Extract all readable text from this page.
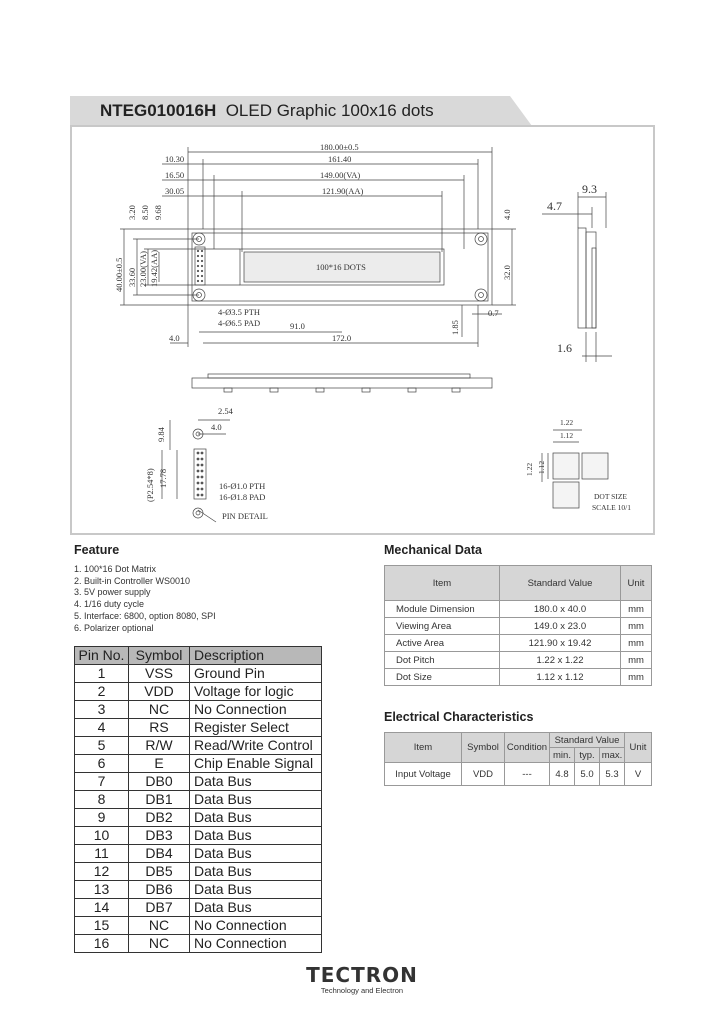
NTEG010016H OLED Graphic 100x16 dots
180.00±0.5
161.40
149.00(VA)
121.90(AA)
10.30
16.50
30.05
3.20 8.50 9.68
40.00±0.5 33.60 23.00(VA) 19.42(AA)
4.0
32.0
100*16 DOTS
4-Ø3.5 PTH
4-Ø6.5 PAD	91.0
172.0
4.0
1.85
0.7
2.54
4.0
9.84
(P2.54*8) 17.78	16-Ø1.0 PTH
16-Ø1.8 PAD
PIN DETAIL
1.22
1.12
1.22 1.12
DOT SIZE
SCALE 10/1
9.3
4.7
1.6
Feature
1. 100*16 Dot Matrix
2. Built-in Controller WS0010
3. 5V power supply
4. 1/16 duty cycle
5. Interface: 6800, option 8080, SPI
6. Polarizer optional
Pin No.	Symbol	Description
1	VSS	Ground Pin
2	VDD	Voltage for logic
3	NC	No Connection
4	RS	Register Select
5	R/W	Read/Write Control
6	E	Chip Enable Signal
7	DB0	Data Bus
8	DB1	Data Bus
9	DB2	Data Bus
10	DB3	Data Bus
11	DB4	Data Bus
12	DB5	Data Bus
13	DB6	Data Bus
14	DB7	Data Bus
15	NC	No Connection
16	NC	No Connection
Mechanical Data
Item	Standard Value	Unit
Module Dimension	180.0 x 40.0	mm
Viewing Area	149.0 x 23.0	mm
Active Area	121.90 x 19.42	mm
Dot Pitch	1.22 x 1.22	mm
Dot Size	1.12 x 1.12	mm
Electrical Characteristics
Item	Symbol	Condition	Standard Value			Unit
			min.	typ.	max.	
Input Voltage	VDD	---	4.8	5.0	5.3	V
TECTRON
Technology and Electron
